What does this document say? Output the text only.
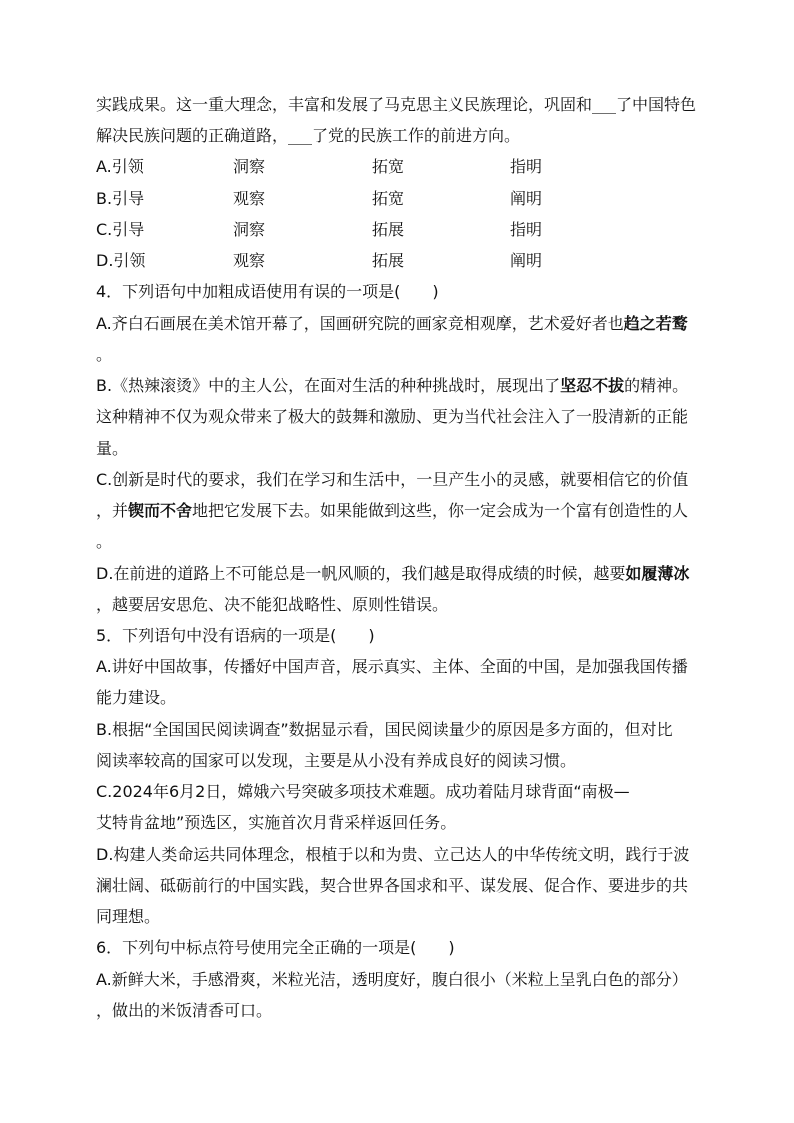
实践成果。这一重大理念，丰富和发展了马克思主义民族理论，巩固和___了中国特色
解决民族问题的正确道路，___了党的民族工作的前进方向。
A.引领	洞察	拓宽	指明
B.引导	观察	拓宽	阐明
C.引导	洞察	拓展	指明
D.引领	观察	拓展	阐明
4．下列语句中加粗成语使用有误的一项是(　　)
A.齐白石画展在美术馆开幕了，国画研究院的画家竞相观摩，艺术爱好者也趋之若鹜
。
B.《热辣滚烫》中的主人公，在面对生活的种种挑战时，展现出了坚忍不拔的精神。
这种精神不仅为观众带来了极大的鼓舞和激励、更为当代社会注入了一股清新的正能
量。
C.创新是时代的要求，我们在学习和生活中，一旦产生小的灵感，就要相信它的价值
，并锲而不舍地把它发展下去。如果能做到这些，你一定会成为一个富有创造性的人
。
D.在前进的道路上不可能总是一帆风顺的，我们越是取得成绩的时候，越要如履薄冰
，越要居安思危、决不能犯战略性、原则性错误。
5．下列语句中没有语病的一项是(　　)
A.讲好中国故事，传播好中国声音，展示真实、主体、全面的中国，是加强我国传播
能力建设。
B.根据“全国国民阅读调查”数据显示看，国民阅读量少的原因是多方面的，但对比
阅读率较高的国家可以发现，主要是从小没有养成良好的阅读习惯。
C.2024年6月2日，嫦娥六号突破多项技术难题。成功着陆月球背面“南极—
艾特肯盆地”预选区，实施首次月背采样返回任务。
D.构建人类命运共同体理念，根植于以和为贵、立己达人的中华传统文明，践行于波
澜壮阔、砥砺前行的中国实践，契合世界各国求和平、谋发展、促合作、要进步的共
同理想。
6．下列句中标点符号使用完全正确的一项是(　　)
A.新鲜大米，手感滑爽，米粒光洁，透明度好，腹白很小（米粒上呈乳白色的部分）
，做出的米饭清香可口。
